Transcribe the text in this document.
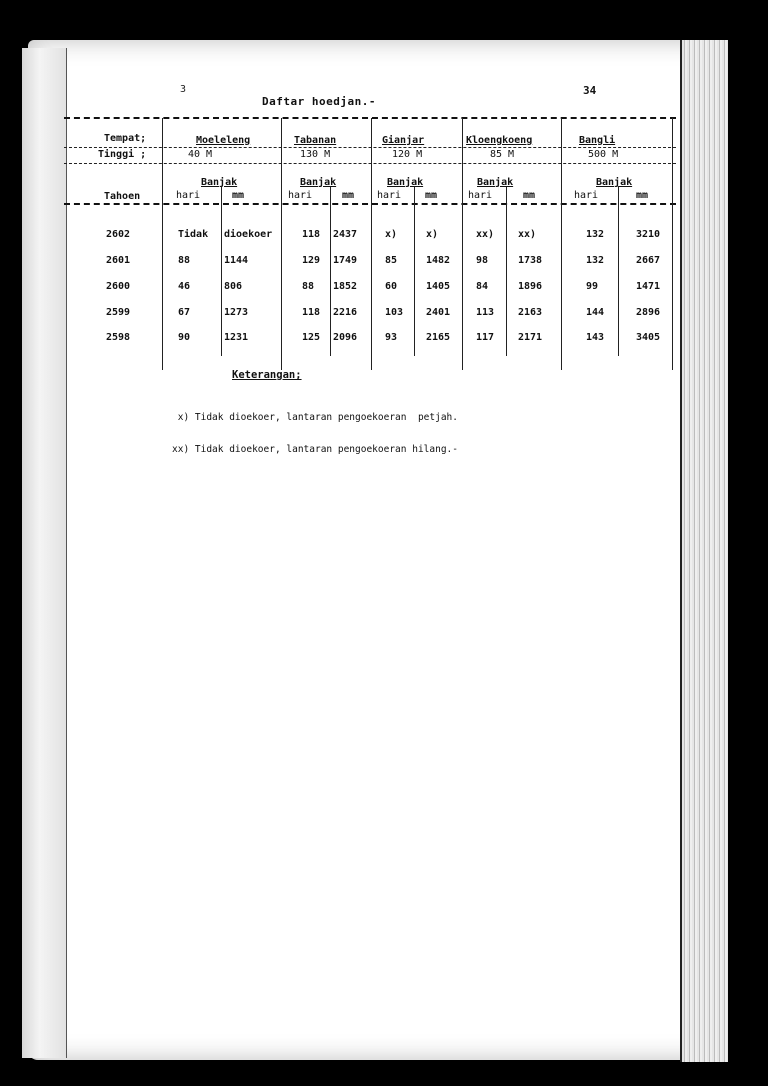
3	34
Daftar hoedjan.-
Tempat;
Tinggi ;
Tahoen
Moeleleng	Tabanan	Gianjar	Kloengkoeng	Bangli
40 M	130 M	120 M	85 M	500 M
Banjak	Banjak	Banjak	Banjak	Banjak
hari	mm	hari	mm hari mm	hari	mm	hari	mm
2602	Tidak dioekoer	118 2437	x)	x)	xx) xx)	132	3210
2601	88	1144	129 1749	85	1482	98	1738	132	2667
2600	46	806	88 1852	60	1405	84	1896	99	1471
2599	67	1273	118 2216	103 2401	113 2163	144	2896
2598	90	1231	125 2096	93	2165	117 2171	143	3405
Keterangan;

x) Tidak dioekoer, lantaran pengoekoeran  petjah.

xx) Tidak dioekoer, lantaran pengoekoeran hilang.-
